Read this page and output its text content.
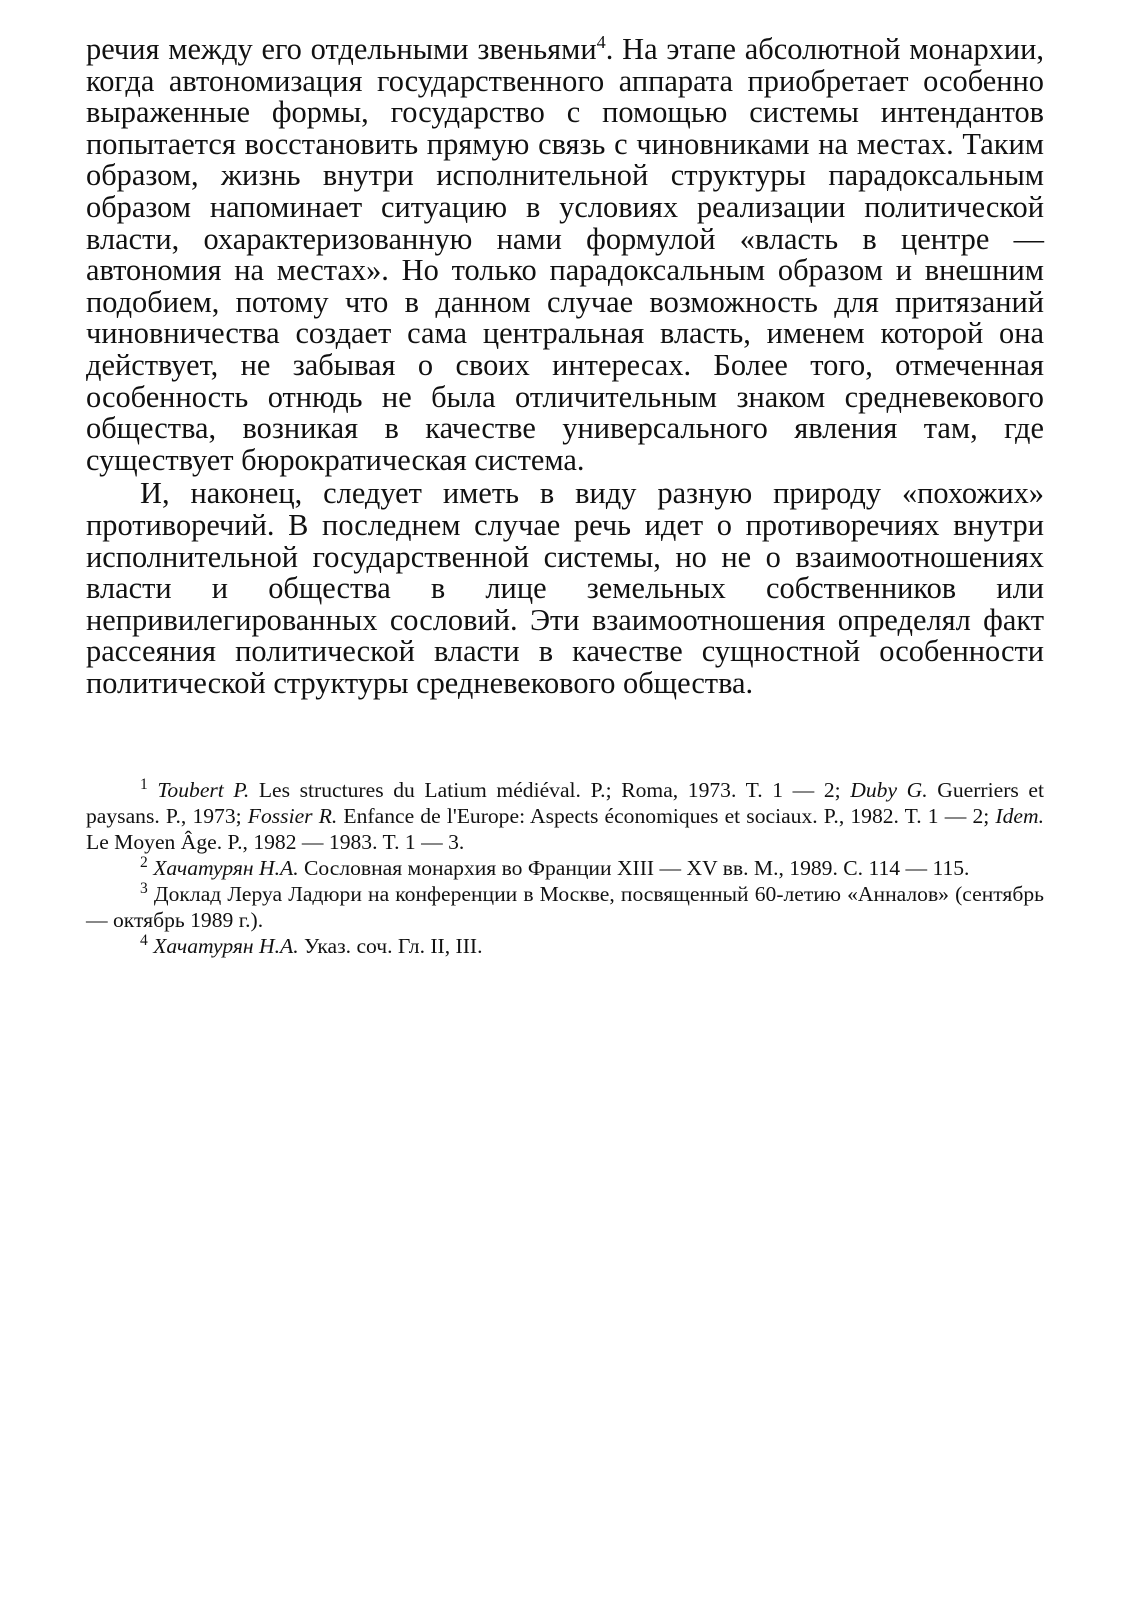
речия между его отдельными звеньями$^4$. На этапе абсолютной монархии, когда автономизация государственного аппарата приобретает особенно выраженные формы, государство с помощью системы интендантов попытается восстановить прямую связь с чиновниками на местах. Таким образом, жизнь внутри исполнительной структуры парадоксальным образом напоминает ситуацию в условиях реализации политической власти, охарактеризованную нами формулой «власть в центре — автономия на местах». Но только парадоксальным образом и внешним подобием, потому что в данном случае возможность для притязаний чиновничества создает сама центральная власть, именем которой она действует, не забывая о своих интересах. Более того, отмеченная особенность отнюдь не была отличительным знаком средневекового общества, возникая в качестве универсального явления там, где существует бюрократическая система.

И, наконец, следует иметь в виду разную природу «похожих» противоречий. В последнем случае речь идет о противоречиях внутри исполнительной государственной системы, но не о взаимоотношениях власти и общества в лице земельных собственников или непривилегированных сословий. Эти взаимоотношения определял факт рассеяния политической власти в качестве сущностной особенности политической структуры средневекового общества.

$^1$ Toubert P. Les structures du Latium médiéval. P.; Roma, 1973. T. 1 — 2; Duby G. Guerriers et paysans. P., 1973; Fossier R. Enfance de l'Europe: Aspects économiques et sociaux. P., 1982. T. 1 — 2; Idem. Le Moyen Âge. P., 1982 — 1983. T. 1 — 3.

$^2$ Хачатурян Н.А. Сословная монархия во Франции XIII — XV вв. М., 1989. С. 114 — 115.

$^3$ Доклад Леруа Ладюри на конференции в Москве, посвященный 60-летию «Анналов» (сентябрь — октябрь 1989 г.).

$^4$ Хачатурян Н.А. Указ. соч. Гл. II, III.
